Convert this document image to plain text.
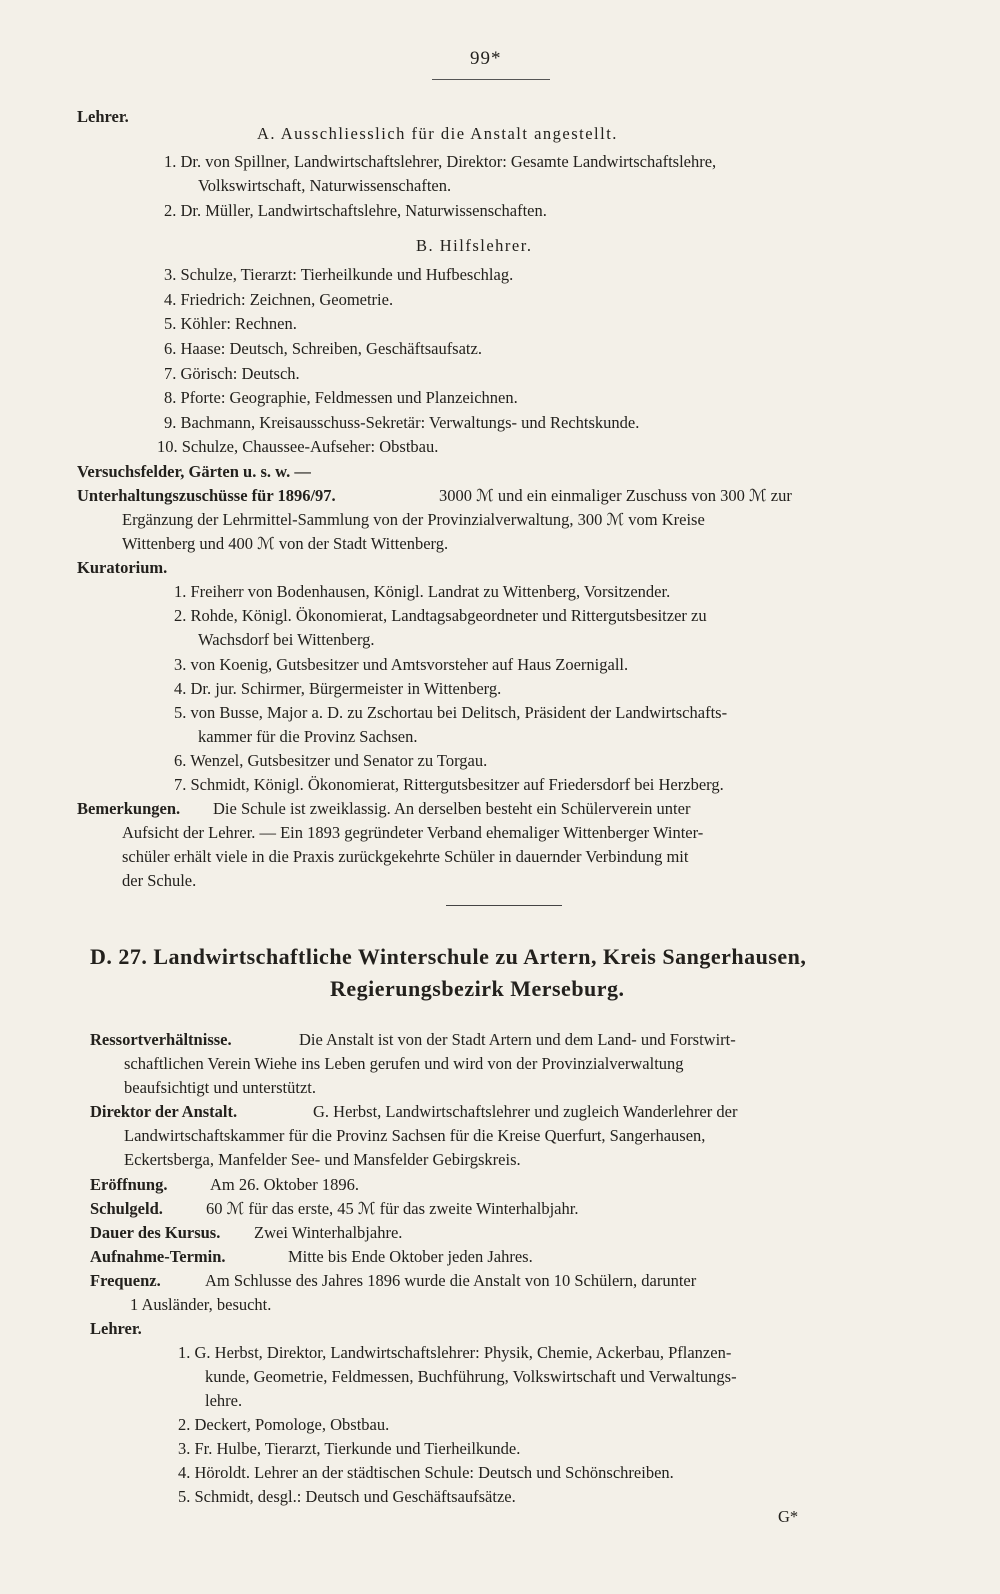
99*
Lehrer.
A. Ausschliesslich für die Anstalt angestellt.
1. Dr. von Spillner, Landwirtschaftslehrer, Direktor: Gesamte Landwirtschaftslehre,
Volkswirtschaft, Naturwissenschaften.
2. Dr. Müller, Landwirtschaftslehre, Naturwissenschaften.
B. Hilfslehrer.
3. Schulze, Tierarzt: Tierheilkunde und Hufbeschlag.
4. Friedrich: Zeichnen, Geometrie.
5. Köhler: Rechnen.
6. Haase: Deutsch, Schreiben, Geschäftsaufsatz.
7. Görisch: Deutsch.
8. Pforte: Geographie, Feldmessen und Planzeichnen.
9. Bachmann, Kreisausschuss-Sekretär: Verwaltungs- und Rechtskunde.
10. Schulze, Chaussee-Aufseher: Obstbau.
Versuchsfelder, Gärten u. s. w. —
Unterhaltungszuschüsse für 1896/97.	3000 ℳ und ein einmaliger Zuschuss von 300 ℳ zur
Ergänzung der Lehrmittel-Sammlung von der Provinzialverwaltung, 300 ℳ vom Kreise
Wittenberg und 400 ℳ von der Stadt Wittenberg.
Kuratorium.
1. Freiherr von Bodenhausen, Königl. Landrat zu Wittenberg, Vorsitzender.
2. Rohde, Königl. Ökonomierat, Landtagsabgeordneter und Rittergutsbesitzer zu
Wachsdorf bei Wittenberg.
3. von Koenig, Gutsbesitzer und Amtsvorsteher auf Haus Zoernigall.
4. Dr. jur. Schirmer, Bürgermeister in Wittenberg.
5. von Busse, Major a. D. zu Zschortau bei Delitsch, Präsident der Landwirtschafts-
kammer für die Provinz Sachsen.
6. Wenzel, Gutsbesitzer und Senator zu Torgau.
7. Schmidt, Königl. Ökonomierat, Rittergutsbesitzer auf Friedersdorf bei Herzberg.
Bemerkungen. Die Schule ist zweiklassig. An derselben besteht ein Schülerverein unter
Aufsicht der Lehrer. — Ein 1893 gegründeter Verband ehemaliger Wittenberger Winter-
schüler erhält viele in die Praxis zurückgekehrte Schüler in dauernder Verbindung mit
der Schule.
D. 27. Landwirtschaftliche Winterschule zu Artern, Kreis Sangerhausen,
Regierungsbezirk Merseburg.
Ressortverhältnisse.	Die Anstalt ist von der Stadt Artern und dem Land- und Forstwirt-
schaftlichen Verein Wiehe ins Leben gerufen und wird von der Provinzialverwaltung
beaufsichtigt und unterstützt.
Direktor der Anstalt.	G. Herbst, Landwirtschaftslehrer und zugleich Wanderlehrer der
Landwirtschaftskammer für die Provinz Sachsen für die Kreise Querfurt, Sangerhausen,
Eckertsberga, Manfelder See- und Mansfelder Gebirgskreis.
Eröffnung.	Am 26. Oktober 1896.
Schulgeld.	60 ℳ für das erste, 45 ℳ für das zweite Winterhalbjahr.
Dauer des Kursus. Zwei Winterhalbjahre.
Aufnahme-Termin.	Mitte bis Ende Oktober jeden Jahres.
Frequenz.	Am Schlusse des Jahres 1896 wurde die Anstalt von 10 Schülern, darunter
1 Ausländer, besucht.
Lehrer.
1. G. Herbst, Direktor, Landwirtschaftslehrer: Physik, Chemie, Ackerbau, Pflanzen-
kunde, Geometrie, Feldmessen, Buchführung, Volkswirtschaft und Verwaltungs-
lehre.
2. Deckert, Pomologe, Obstbau.
3. Fr. Hulbe, Tierarzt, Tierkunde und Tierheilkunde.
4. Höroldt. Lehrer an der städtischen Schule: Deutsch und Schönschreiben.
5. Schmidt, desgl.: Deutsch und Geschäftsaufsätze.
G*
